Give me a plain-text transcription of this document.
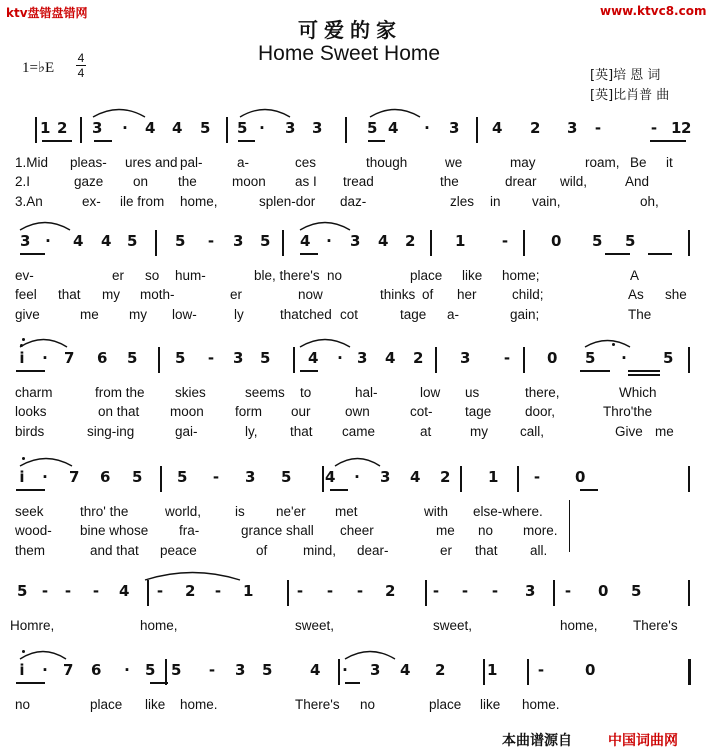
ktv盘错盘错网	www.ktvc8.com
可爱的家
Home Sweet Home
1=♭E
4
4	[英]培 恩 词
[英]比肖普 曲
1 2 3 · 4 4 5 5 · 3 3	5 4 · 3 4 2 3 -	- 1 2
1.Mid pleas- ures and pal-	a-	ces	though	we	may	roam, Be it
2.I	gaze on the	moon as I tread	the	drear wild,	And
3.An	ex- ile from home,	splen-dor daz-	zles in vain,	oh,
3 · 4 4 5	5 - 3 5 4 · 3 4 2	1 -	0 5 5
ev-	er so hum-	ble, there's no	place like home;	A
feel that my moth-	er	now	thinks of her	child;	As she
give	me my low-	ly	thatched cot	tage a-	gain;	The
i · 7 6 5	5 - 3 5	4 · 3 4 2 3 - 0 5 · 5
charm	from the skies	seems to	hal-	low us	there,	Which
looks	on that moon form our	own	cot- tage door,	Thro'the
birds	sing-ing	gai-	ly, that came	at	my call,	Give me
i · 7 6 5 5 - 3 5 4 · 3 4 2	1 - 0
seek	thro' the	world,	is ne'er met	with else-where.
wood- bine whose fra-	grance shall cheer	me no more.
them	and that peace	of	mind, dear-	er that all.
5 - - - 4 - 2 - 1	- - - 2 - - - 3 - 0 5
Homre,	home,	sweet,	sweet,	home,	There's
i · 7 6 · 5 5 - 3 5	4 · 3 4 2	1	-	0
no	place like home.	There's no	place like home.
本曲谱源自	中国词曲网
